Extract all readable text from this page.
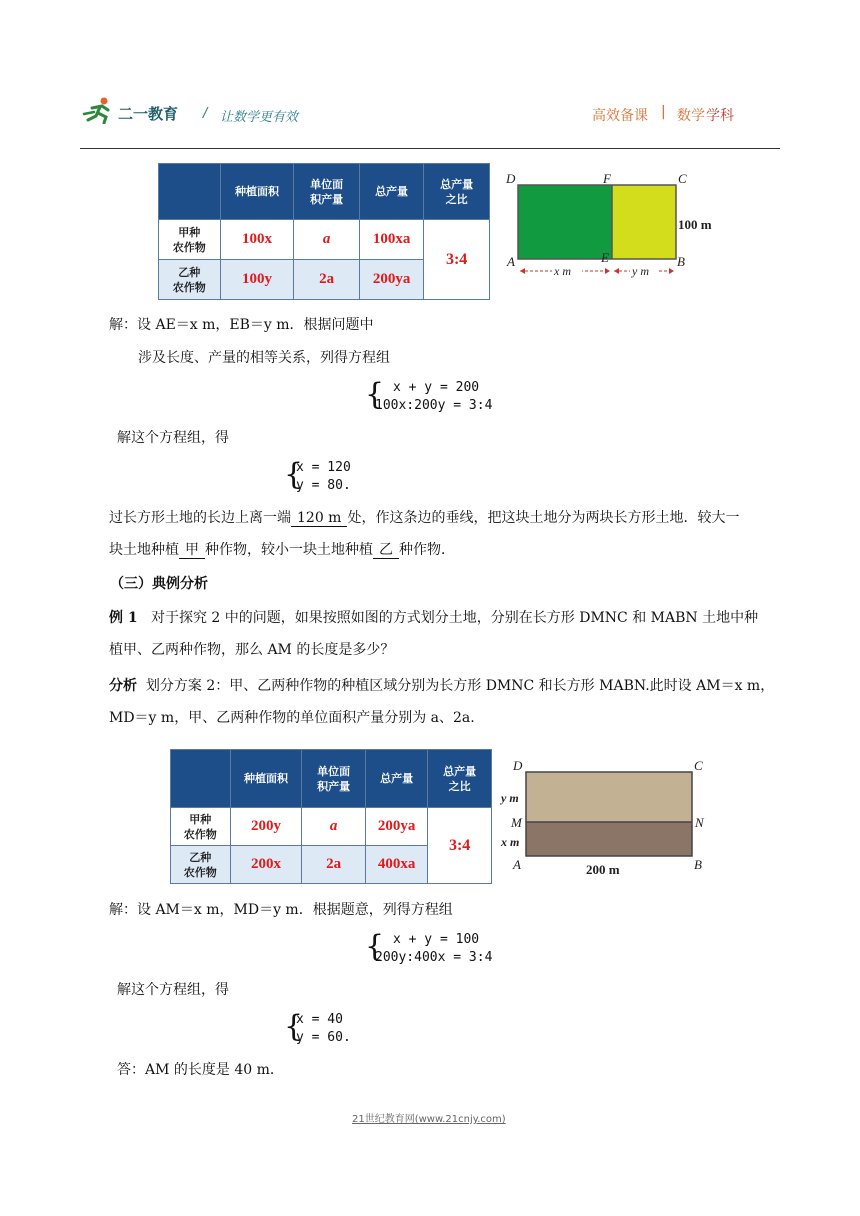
二一教育 / 让数学更有效	高效备课 | 数学 学科
	种植面积	单位面
积产量	总产量	总产量
之比
甲种
农作物	100x	a	100xa	3:4
乙种
农作物	100y	2a	200ya	
D	F	C
A	E	B
100 m
x m	y m
解：设 AE＝x m，EB＝y m．根据问题中
涉及长度、产量的相等关系，列得方程组
{ x + y = 200
100x:200y = 3:4
解这个方程组，得
{
x = 120
y = 80.
过长方形土地的长边上离一端 120 m 处，作这条边的垂线，把这块土地分为两块长方形土地．较大一
块土地种植 甲 种作物，较小一块土地种植 乙 种作物．
（三）典例分析
例 1 对于探究 2 中的问题，如果按照如图的方式划分土地，分别在长方形 DMNC 和 MABN 土地中种
植甲、乙两种作物，那么 AM 的长度是多少？
分析 划分方案 2：甲、乙两种作物的种植区域分别为长方形 DMNC 和长方形 MABN.此时设 AM＝x m，
MD＝y m，甲、乙两种作物的单位面积产量分别为 a、2a.
	种植面积	单位面
积产量	总产量	总产量
之比
甲种
农作物	200y	a	200ya	3:4
乙种
农作物	200x	2a	400xa	
D	C
M	N
A	B
y m
x m
200 m
解：设 AM＝x m，MD＝y m．根据题意，列得方程组
{ x + y = 100
200y:400x = 3:4
解这个方程组，得
{
x = 40
y = 60.
答：AM 的长度是 40 m．
21世纪教育网(www.21cnjy.com)
